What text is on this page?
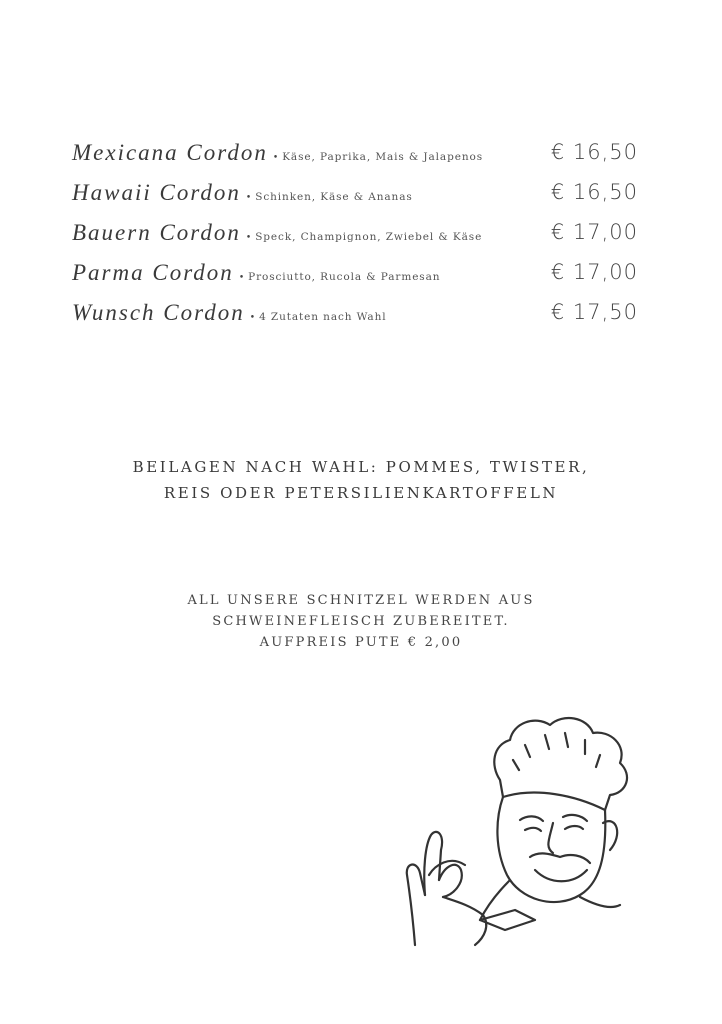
Mexicana Cordon • Käse, Paprika, Mais & Jalapenos	€ 16,50
Hawaii Cordon • Schinken, Käse & Ananas	€ 16,50
Bauern Cordon • Speck, Champignon, Zwiebel & Käse	€ 17,00
Parma Cordon • Prosciutto, Rucola & Parmesan	€ 17,00
Wunsch Cordon • 4 Zutaten nach Wahl	€ 17,50
BEILAGEN NACH WAHL: POMMES, TWISTER,
REIS ODER PETERSILIENKARTOFFELN
ALL UNSERE SCHNITZEL WERDEN AUS
SCHWEINEFLEISCH ZUBEREITET.
AUFPREIS PUTE € 2,00
